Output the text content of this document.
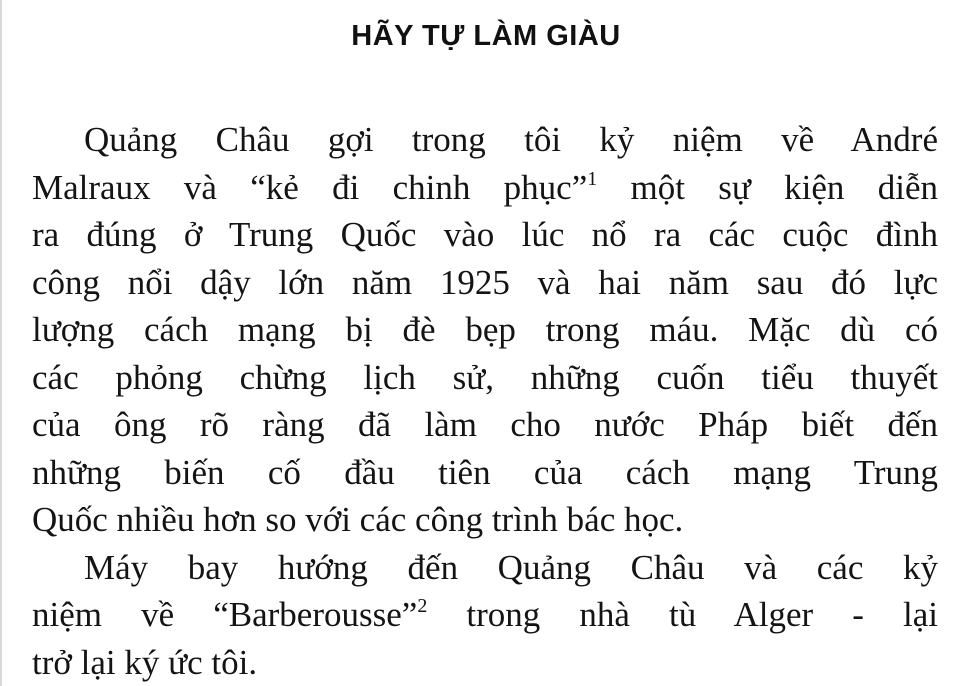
HÃY TỰ LÀM GIÀU
Quảng Châu gợi trong tôi kỷ niệm về André
Malraux và “kẻ đi chinh phục”$^1$ một sự kiện diễn
ra đúng ở Trung Quốc vào lúc nổ ra các cuộc đình
công nổi dậy lớn năm 1925 và hai năm sau đó lực
lượng cách mạng bị đè bẹp trong máu. Mặc dù có
các phỏng chừng lịch sử, những cuốn tiểu thuyết
của ông rõ ràng đã làm cho nước Pháp biết đến
những biến cố đầu tiên của cách mạng Trung
Quốc nhiều hơn so với các công trình bác học.
Máy bay hướng đến Quảng Châu và các kỷ
niệm về “Barberousse”$^2$ trong nhà tù Alger - lại
trở lại ký ức tôi.
